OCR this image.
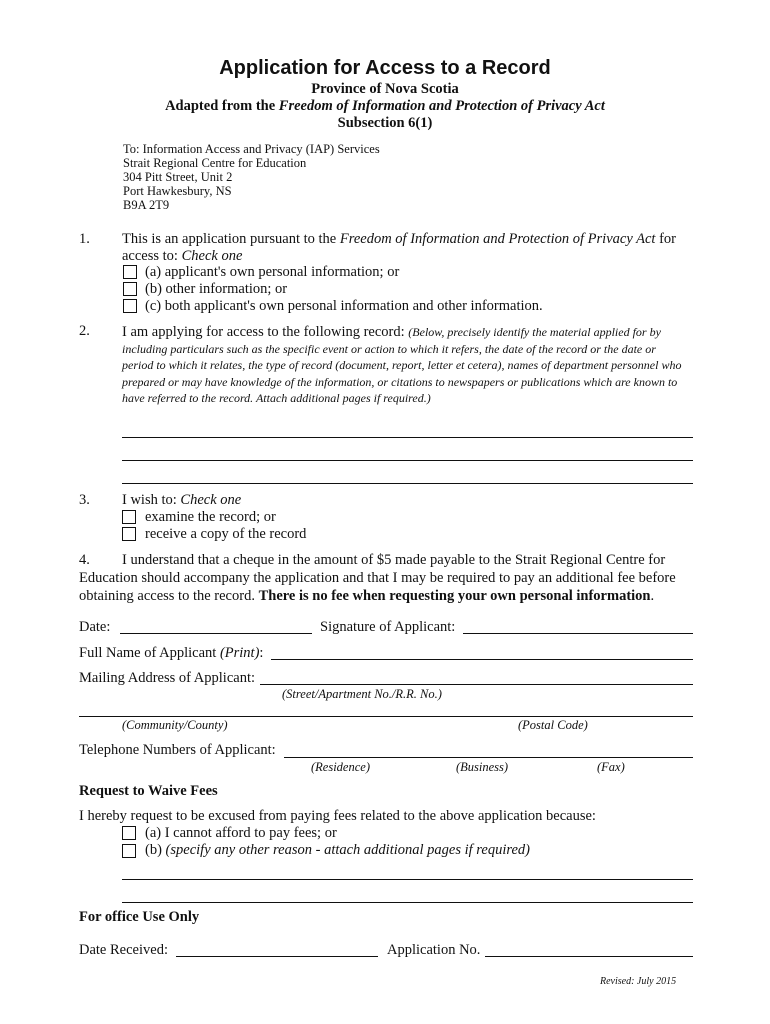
Application for Access to a Record
Province of Nova Scotia
Adapted from the Freedom of Information and Protection of Privacy Act
Subsection 6(1)
To: Information Access and Privacy (IAP) Services
Strait Regional Centre for Education
304 Pitt Street, Unit 2
Port Hawkesbury, NS
B9A 2T9
1. This is an application pursuant to the Freedom of Information and Protection of Privacy Act for
access to: Check one
(a) applicant's own personal information; or
(b) other information; or
(c) both applicant's own personal information and other information.
2. I am applying for access to the following record: (Below, precisely identify the material applied for by including particulars such as the specific event or action to which it refers, the date of the record or the date or period to which it relates, the type of record (document, report, letter et cetera), names of department personnel who prepared or may have knowledge of the information, or citations to newspapers or publications which are known to have referred to the record. Attach additional pages if required.)
3. I wish to: Check one
examine the record; or
receive a copy of the record
4. I understand that a cheque in the amount of $5 made payable to the Strait Regional Centre for
Education should accompany the application and that I may be required to pay an additional fee before
obtaining access to the record. There is no fee when requesting your own personal information.
Date:	Signature of Applicant:
Full Name of Applicant (Print):
Mailing Address of Applicant:
(Street/Apartment No./R.R. No.)
(Community/County)	(Postal Code)
Telephone Numbers of Applicant:
(Residence)	(Business)	(Fax)
Request to Waive Fees
I hereby request to be excused from paying fees related to the above application because:
(a) I cannot afford to pay fees; or
(b) (specify any other reason - attach additional pages if required)
For office Use Only
Date Received:	Application No.
Revised: July 2015
